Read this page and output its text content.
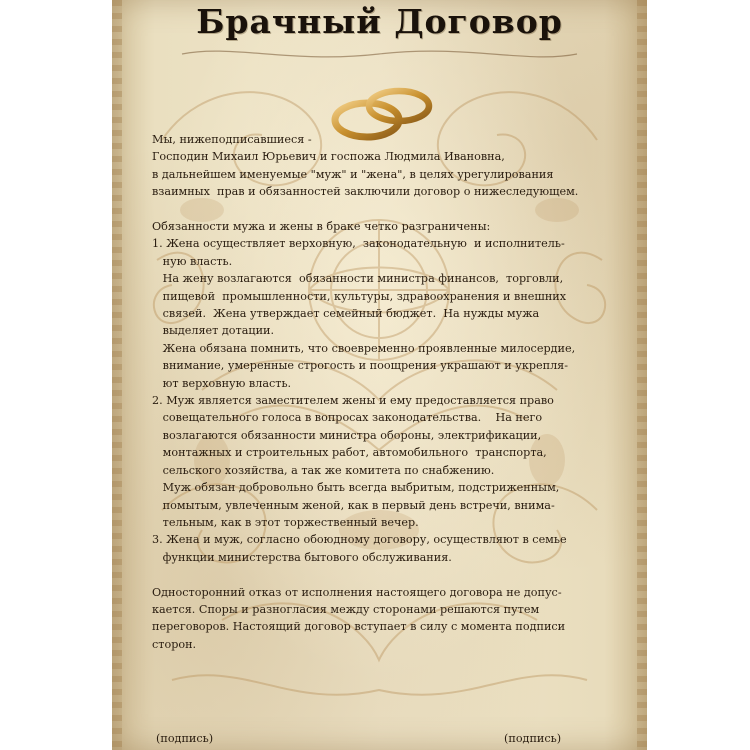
Брачный Договор
Мы, нижеподписавшиеся -
Господин Михаил Юрьевич и госпожа Людмила Ивановна,
в дальнейшем именуемые "муж" и "жена", в целях урегулирования
взаимных  прав и обязанностей заключили договор о нижеследующем.
Обязанности мужа и жены в браке четко разграничены:
1. Жена осуществляет верховную,  законодательную  и исполнитель-
ную власть.
На жену возлагаются  обязанности министра финансов,  торговли,
пищевой  промышленности, культуры, здравоохранения и внешних
связей.  Жена утверждает семейный бюджет.  На нужды мужа
выделяет дотации.
Жена обязана помнить, что своевременно проявленные милосердие,
внимание, умеренные строгость и поощрения украшают и укрепля-
ют верховную власть.
2. Муж является заместителем жены и ему предоставляется право
совещательного голоса в вопросах законодательства.    На него
возлагаются обязанности министра обороны, электрификации,
монтажных и строительных работ, автомобильного  транспорта,
сельского хозяйства, а так же комитета по снабжению.
Муж обязан добровольно быть всегда выбритым, подстриженным,
помытым, увлеченным женой, как в первый день встречи, внима-
тельным, как в этот торжественный вечер.
3. Жена и муж, согласно обоюдному договору, осуществляют в семье
функции министерства бытового обслуживания.
Односторонний отказ от исполнения настоящего договора не допус-
кается. Споры и разногласия между сторонами решаются путем
переговоров. Настоящий договор вступает в силу с момента подписи
сторон.
(подпись)	(подпись)
